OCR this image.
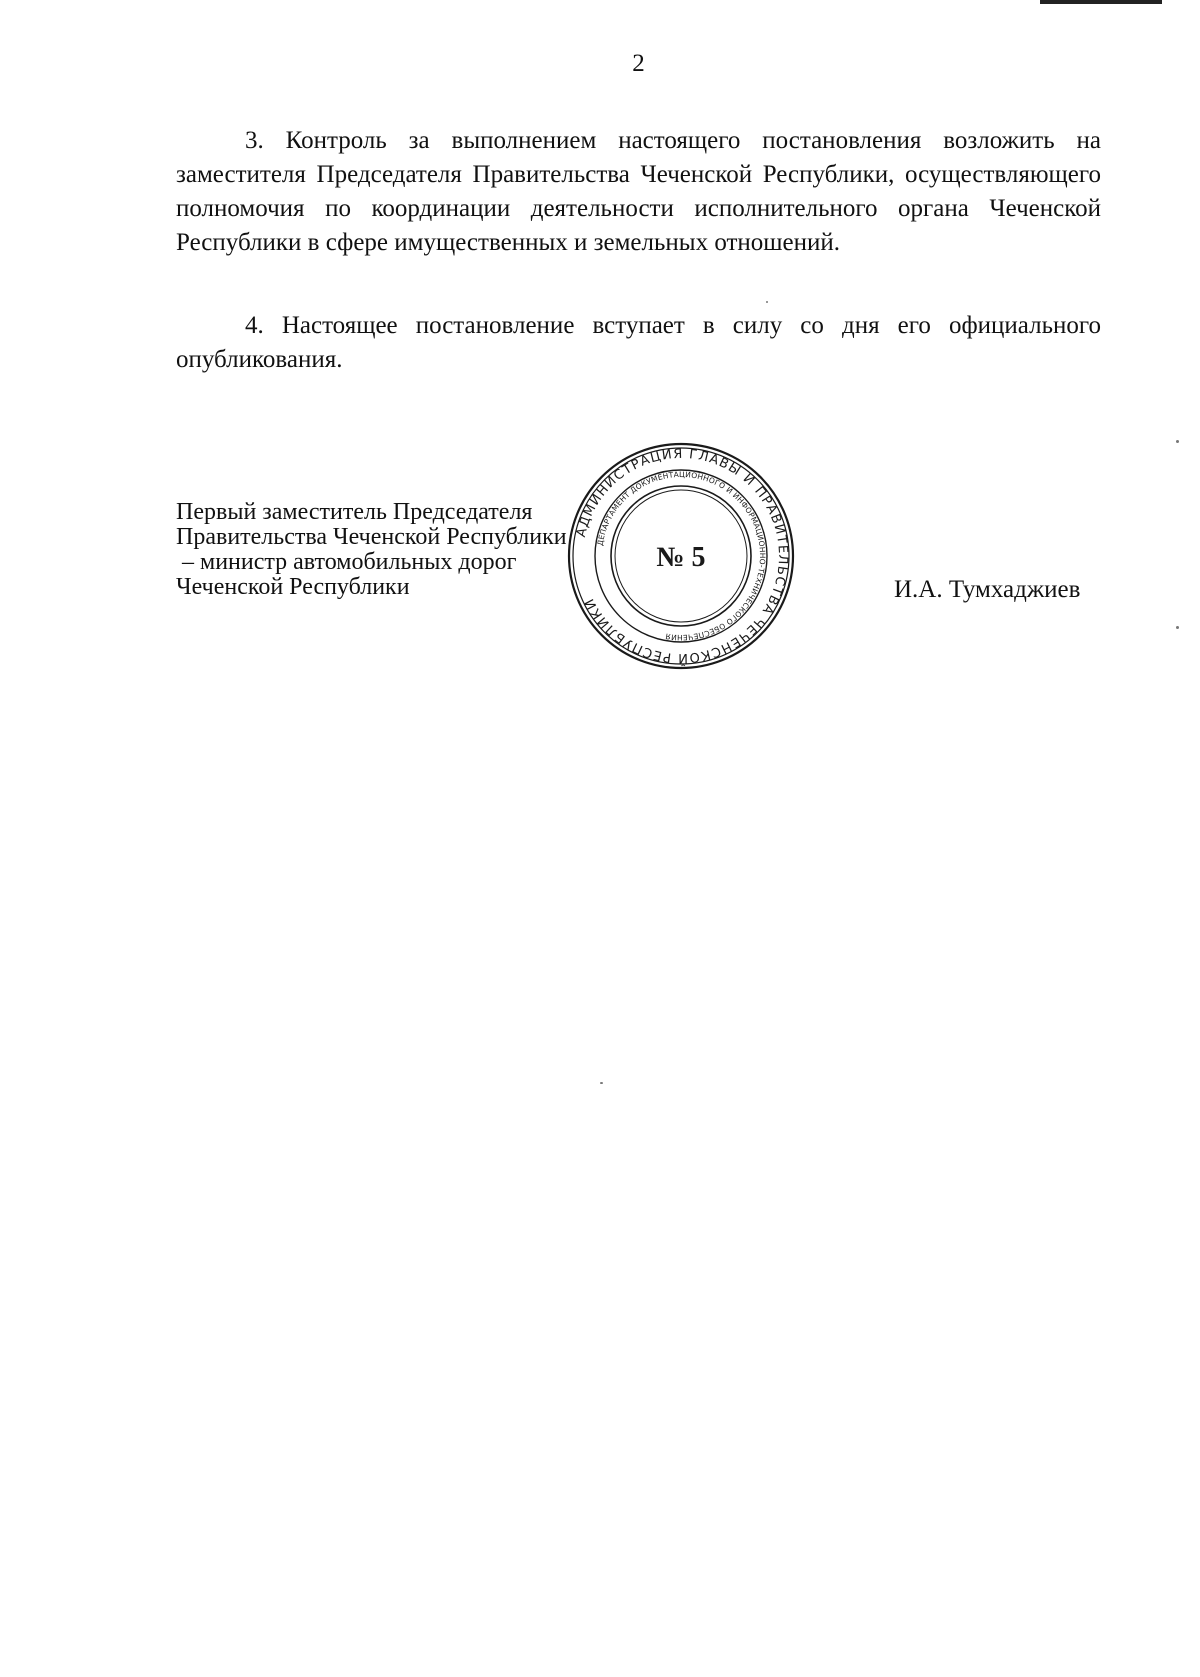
2
3. Контроль за выполнением настоящего постановления возложить на заместителя Председателя Правительства Чеченской Республики, осуществляющего полномочия по координации деятельности исполнительного органа Чеченской Республики в сфере имущественных и земельных отношений.
4. Настоящее постановление вступает в силу со дня его официального опубликования.
Первый заместитель Председателя
Правительства Чеченской Республики
– министр автомобильных дорог
Чеченской Республики	И.А. Тумхаджиев
АДМИНИСТРАЦИЯ ГЛАВЫ И ПРАВИТЕЛЬСТВА ЧЕЧЕНСКОЙ РЕСПУБЛИКИ
ДЕПАРТАМЕНТ ДОКУМЕНТАЦИОННОГО И ИНФОРМАЦИОННО-ТЕХНИЧЕСКОГО ОБЕСПЕЧЕНИЯ
№ 5
